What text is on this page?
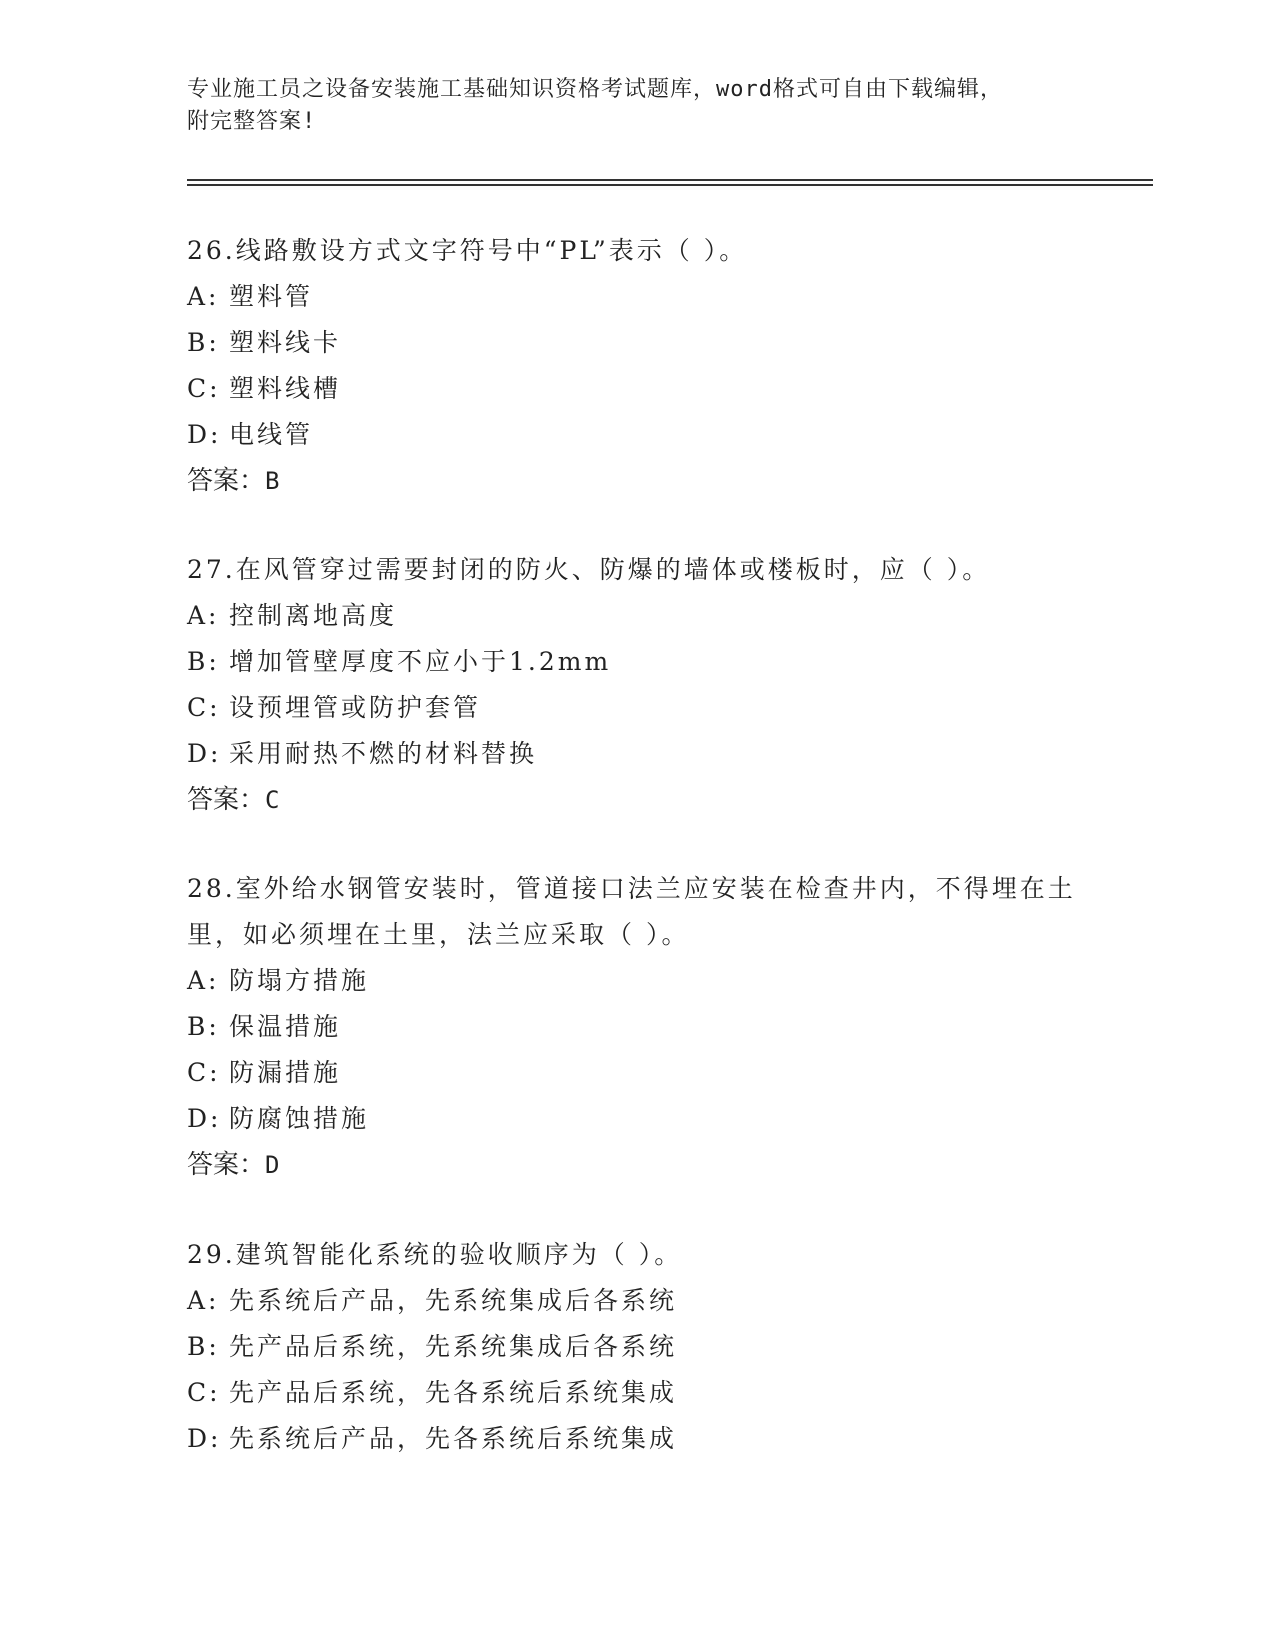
专业施工员之设备安装施工基础知识资格考试题库，word格式可自由下载编辑，
附完整答案!
26.线路敷设方式文字符号中“PL”表示（ ）。
A: 塑料管
B: 塑料线卡
C: 塑料线槽
D: 电线管
答案：B
27.在风管穿过需要封闭的防火、防爆的墙体或楼板时，应（ ）。
A: 控制离地高度
B: 增加管壁厚度不应小于1.2mm
C: 设预埋管或防护套管
D: 采用耐热不燃的材料替换
答案：C
28.室外给水钢管安装时，管道接口法兰应安装在检查井内，不得埋在土里，如必须埋在土里，法兰应采取（ ）。
A: 防塌方措施
B: 保温措施
C: 防漏措施
D: 防腐蚀措施
答案：D
29.建筑智能化系统的验收顺序为（ ）。
A: 先系统后产品，先系统集成后各系统
B: 先产品后系统，先系统集成后各系统
C: 先产品后系统，先各系统后系统集成
D: 先系统后产品，先各系统后系统集成
